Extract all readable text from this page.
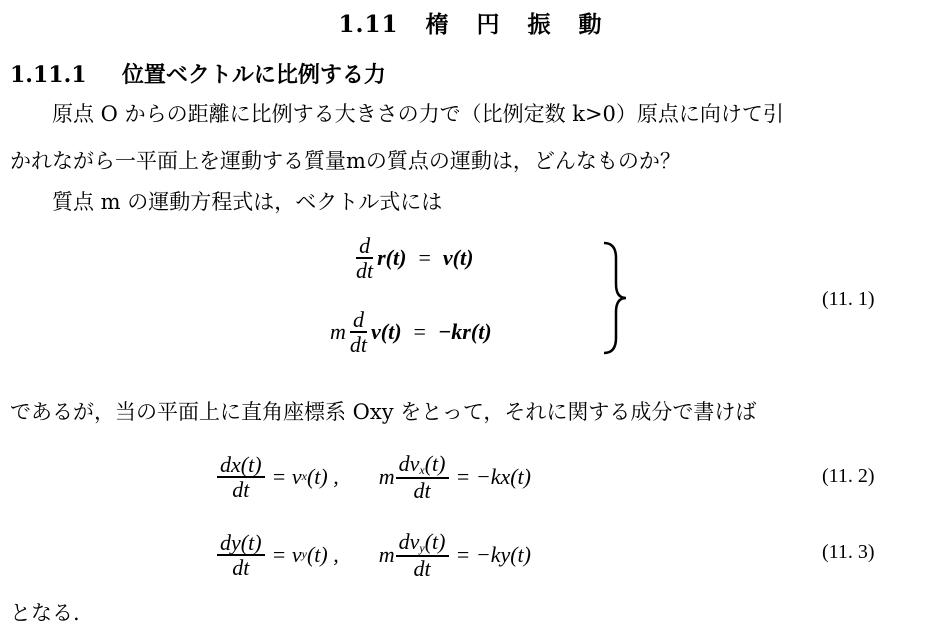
1.11 楕 円 振 動
1.11.1 位置ベクトルに比例する力
原点 O からの距離に比例する大きさの力で（比例定数 k>0）原点に向けて引
かれながら一平面上を運動する質量mの質点の運動は，どんなものか？
質点 m の運動方程式は，ベクトル式には
$\frac{d}{dt} r(t) = v(t)$
m $\frac{d}{dt} v(t) = -kr(t)$
(11. 1)
であるが，当の平面上に直角座標系 Oxy をとって，それに関する成分で書けば
$\frac{dx(t)}{dt} = v$ x (t) , m $\frac{dv_x(t)}{dt} = -kx(t)$	(11. 2)
$\frac{dy(t)}{dt} = v$ y (t) , m $\frac{dv_y(t)}{dt} = -ky(t)$	(11. 3)
となる.
